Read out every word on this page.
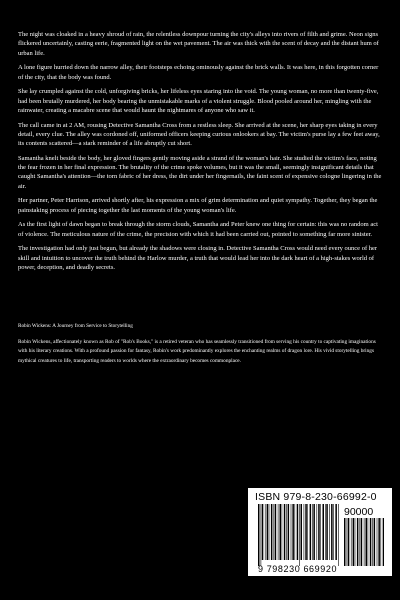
The night was cloaked in a heavy shroud of rain, the relentless downpour turning the city's alleys into rivers of filth and grime. Neon signs flickered uncertainly, casting eerie, fragmented light on the wet pavement. The air was thick with the scent of decay and the distant hum of urban life.

A lone figure hurried down the narrow alley, their footsteps echoing ominously against the brick walls. It was here, in this forgotten corner of the city, that the body was found.

She lay crumpled against the cold, unforgiving bricks, her lifeless eyes staring into the void. The young woman, no more than twenty-five, had been brutally murdered, her body bearing the unmistakable marks of a violent struggle. Blood pooled around her, mingling with the rainwater, creating a macabre scene that would haunt the nightmares of anyone who saw it.

The call came in at 2 AM, rousing Detective Samantha Cross from a restless sleep. She arrived at the scene, her sharp eyes taking in every detail, every clue. The alley was cordoned off, uniformed officers keeping curious onlookers at bay. The victim's purse lay a few feet away, its contents scattered—a stark reminder of a life abruptly cut short.

Samantha knelt beside the body, her gloved fingers gently moving aside a strand of the woman's hair. She studied the victim's face, noting the fear frozen in her final expression. The brutality of the crime spoke volumes, but it was the small, seemingly insignificant details that caught Samantha's attention—the torn fabric of her dress, the dirt under her fingernails, the faint scent of expensive cologne lingering in the air.

Her partner, Peter Harrison, arrived shortly after, his expression a mix of grim determination and quiet sympathy. Together, they began the painstaking process of piecing together the last moments of the young woman's life.

As the first light of dawn began to break through the storm clouds, Samantha and Peter knew one thing for certain: this was no random act of violence. The meticulous nature of the crime, the precision with which it had been carried out, pointed to something far more sinister.

The investigation had only just begun, but already the shadows were closing in. Detective Samantha Cross would need every ounce of her skill and intuition to uncover the truth behind the Harlow murder, a truth that would lead her into the dark heart of a high-stakes world of power, deception, and deadly secrets.

Robin Wickens: A Journey from Service to Storytelling

Robin Wickens, affectionately known as Rob of "Rob's Books," is a retired veteran who has seamlessly transitioned from serving his country to captivating imaginations with his literary creations. With a profound passion for fantasy, Robin's work predominantly explores the enchanting realms of dragon lore. His vivid storytelling brings mythical creatures to life, transporting readers to worlds where the extraordinary becomes commonplace.

ISBN 979-8-230-66992-0
90000
9 798230 669920
